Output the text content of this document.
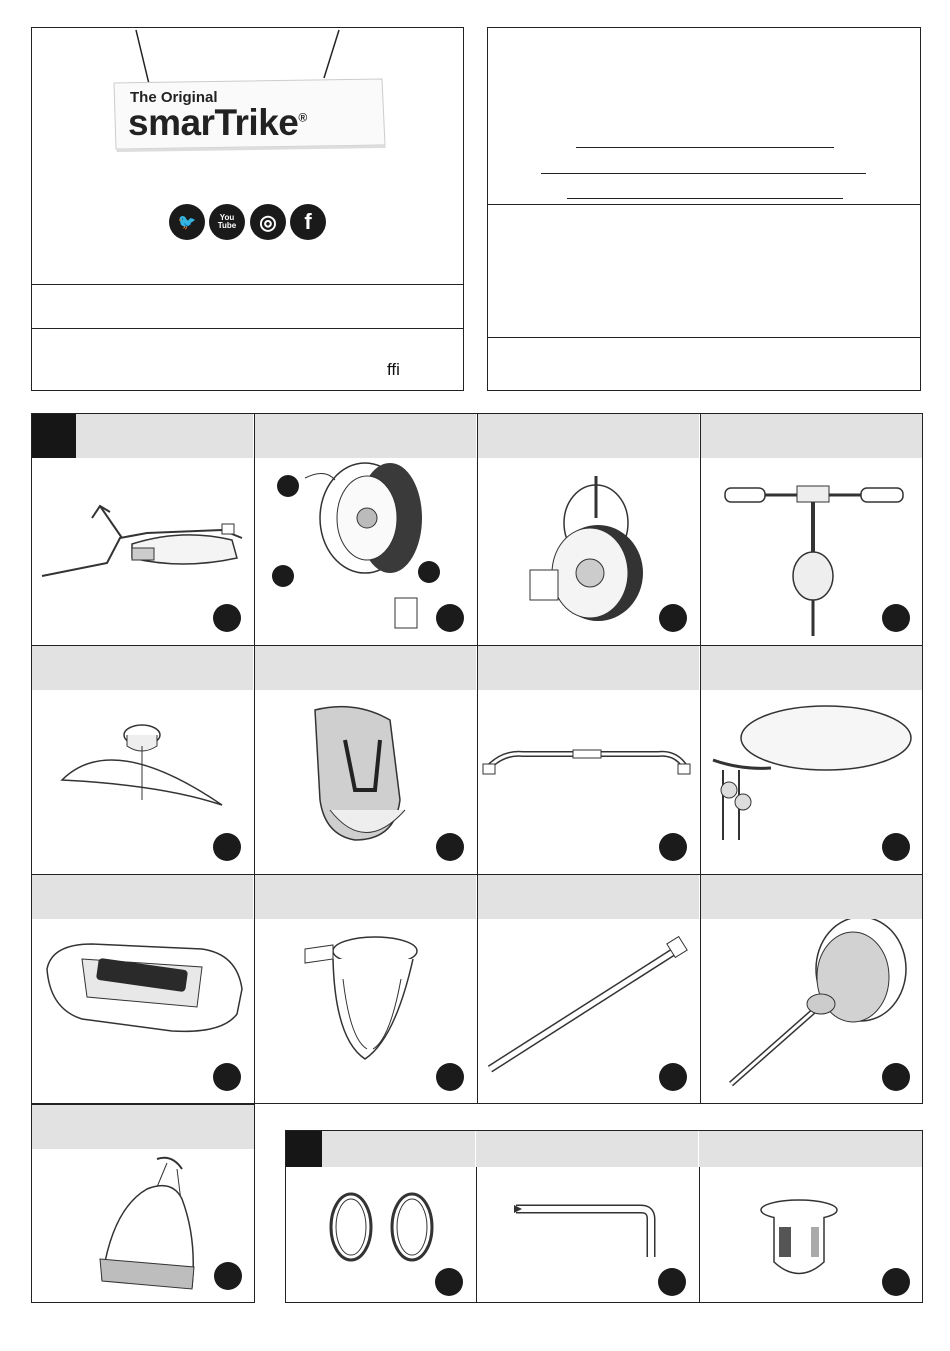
The Original
smarTrike®
🐦	You Tube ◎ f
ffi
